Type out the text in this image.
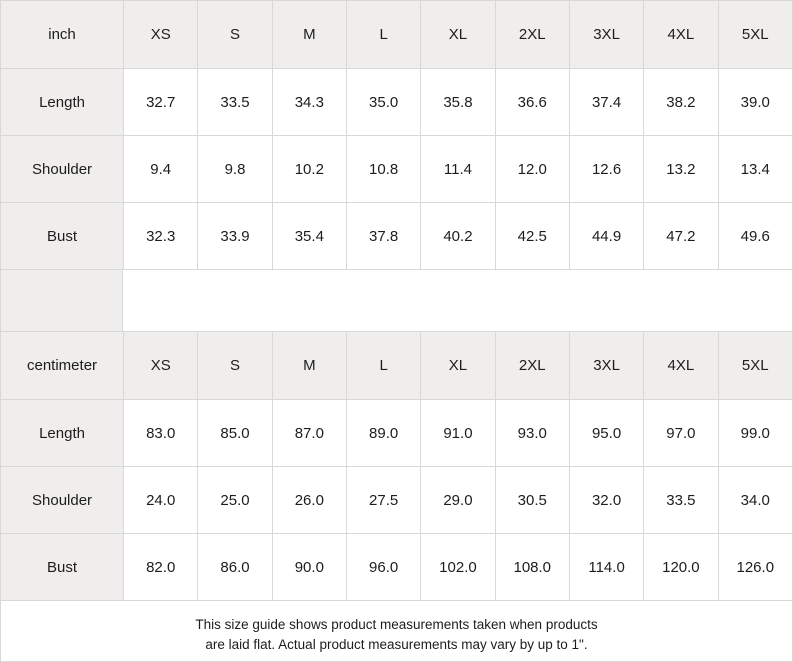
inch	XS	S	M	L	XL	2XL	3XL	4XL	5XL
Length	32.7	33.5	34.3	35.0	35.8	36.6	37.4	38.2	39.0
Shoulder	9.4	9.8	10.2	10.8	11.4	12.0	12.6	13.2	13.4
Bust	32.3	33.9	35.4	37.8	40.2	42.5	44.9	47.2	49.6
centimeter	XS	S	M	L	XL	2XL	3XL	4XL	5XL
Length	83.0	85.0	87.0	89.0	91.0	93.0	95.0	97.0	99.0
Shoulder	24.0	25.0	26.0	27.5	29.0	30.5	32.0	33.5	34.0
Bust	82.0	86.0	90.0	96.0	102.0	108.0	114.0	120.0	126.0
This size guide shows product measurements taken when products
are laid flat. Actual product measurements may vary by up to 1".
